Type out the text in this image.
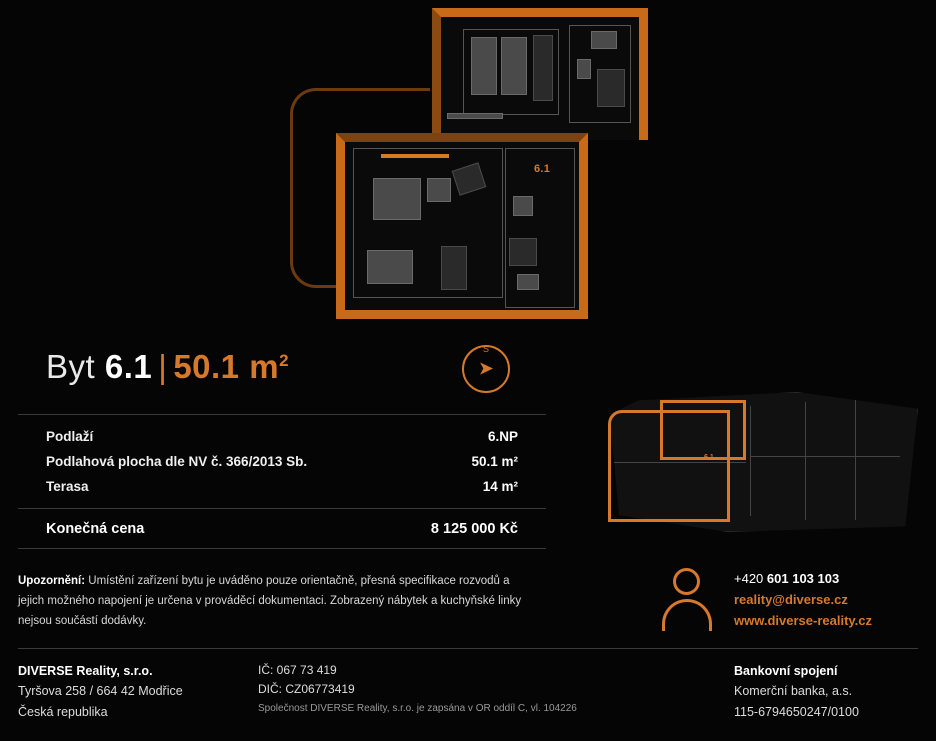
6.1
Byt 6.1 | 50.1 $m^2$
S
➤
Podlaží	6.NP
Podlahová plocha dle NV č. 366/2013 Sb.	50.1 m²
Terasa	14 m²
Konečná cena	8 125 000 Kč
6.1
Upozornění: Umístění zařízení bytu je uváděno pouze orientačně, přesná specifikace rozvodů a jejich možného napojení je určena v prováděcí dokumentaci. Zobrazený nábytek a kuchyňské linky nejsou součástí dodávky.
+420 601 103 103
reality@diverse.cz
www.diverse-reality.cz
DIVERSE Reality, s.r.o.
Tyršova 258 / 664 42 Modřice
Česká republika
IČ: 067 73 419
DIČ: CZ06773419
Společnost DIVERSE Reality, s.r.o. je zapsána v OR oddíl C, vl. 104226
Bankovní spojení
Komerční banka, a.s.
115-6794650247/0100
